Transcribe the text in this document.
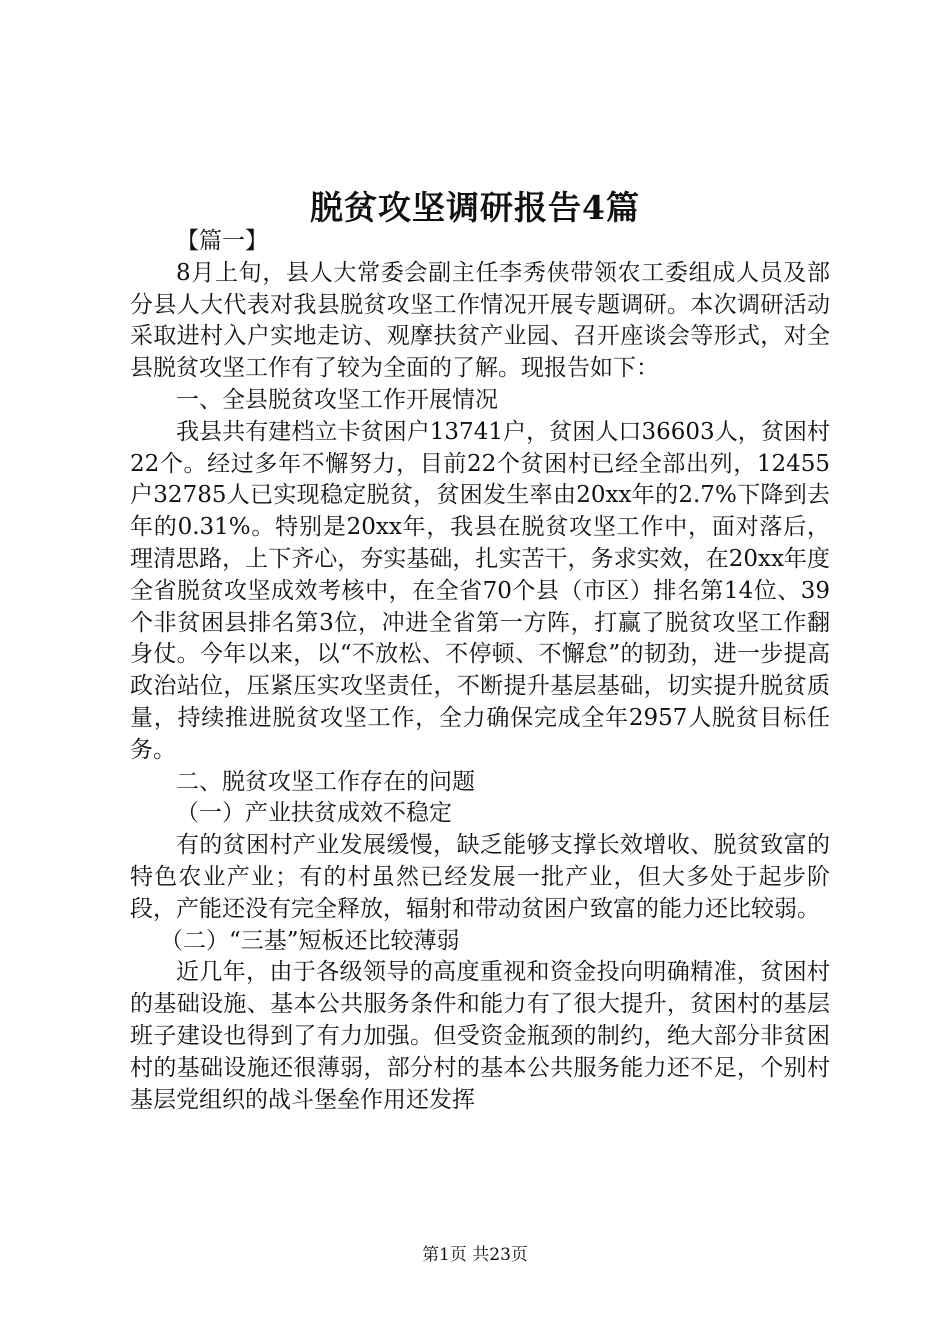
脱贫攻坚调研报告4篇

【篇一】

8月上旬，县人大常委会副主任李秀侠带领农工委组成人员及部分县人大代表对我县脱贫攻坚工作情况开展专题调研。本次调研活动采取进村入户实地走访、观摩扶贫产业园、召开座谈会等形式，对全县脱贫攻坚工作有了较为全面的了解。现报告如下：

一、全县脱贫攻坚工作开展情况

我县共有建档立卡贫困户13741户，贫困人口36603人，贫困村22个。经过多年不懈努力，目前22个贫困村已经全部出列，12455户32785人已实现稳定脱贫，贫困发生率由20xx年的2.7%下降到去年的0.31%。特别是20xx年，我县在脱贫攻坚工作中，面对落后，理清思路，上下齐心，夯实基础，扎实苦干，务求实效，在20xx年度全省脱贫攻坚成效考核中，在全省70个县（市区）排名第14位、39个非贫困县排名第3位，冲进全省第一方阵，打赢了脱贫攻坚工作翻身仗。今年以来，以“不放松、不停顿、不懈怠”的韧劲，进一步提高政治站位，压紧压实攻坚责任，不断提升基层基础，切实提升脱贫质量，持续推进脱贫攻坚工作，全力确保完成全年2957人脱贫目标任务。

二、脱贫攻坚工作存在的问题

（一）产业扶贫成效不稳定

有的贫困村产业发展缓慢，缺乏能够支撑长效增收、脱贫致富的特色农业产业；有的村虽然已经发展一批产业，但大多处于起步阶段，产能还没有完全释放，辐射和带动贫困户致富的能力还比较弱。

（二）“三基”短板还比较薄弱

近几年，由于各级领导的高度重视和资金投向明确精准，贫困村的基础设施、基本公共服务条件和能力有了很大提升，贫困村的基层班子建设也得到了有力加强。但受资金瓶颈的制约，绝大部分非贫困村的基础设施还很薄弱，部分村的基本公共服务能力还不足，个别村基层党组织的战斗堡垒作用还发挥

第1页 共23页
